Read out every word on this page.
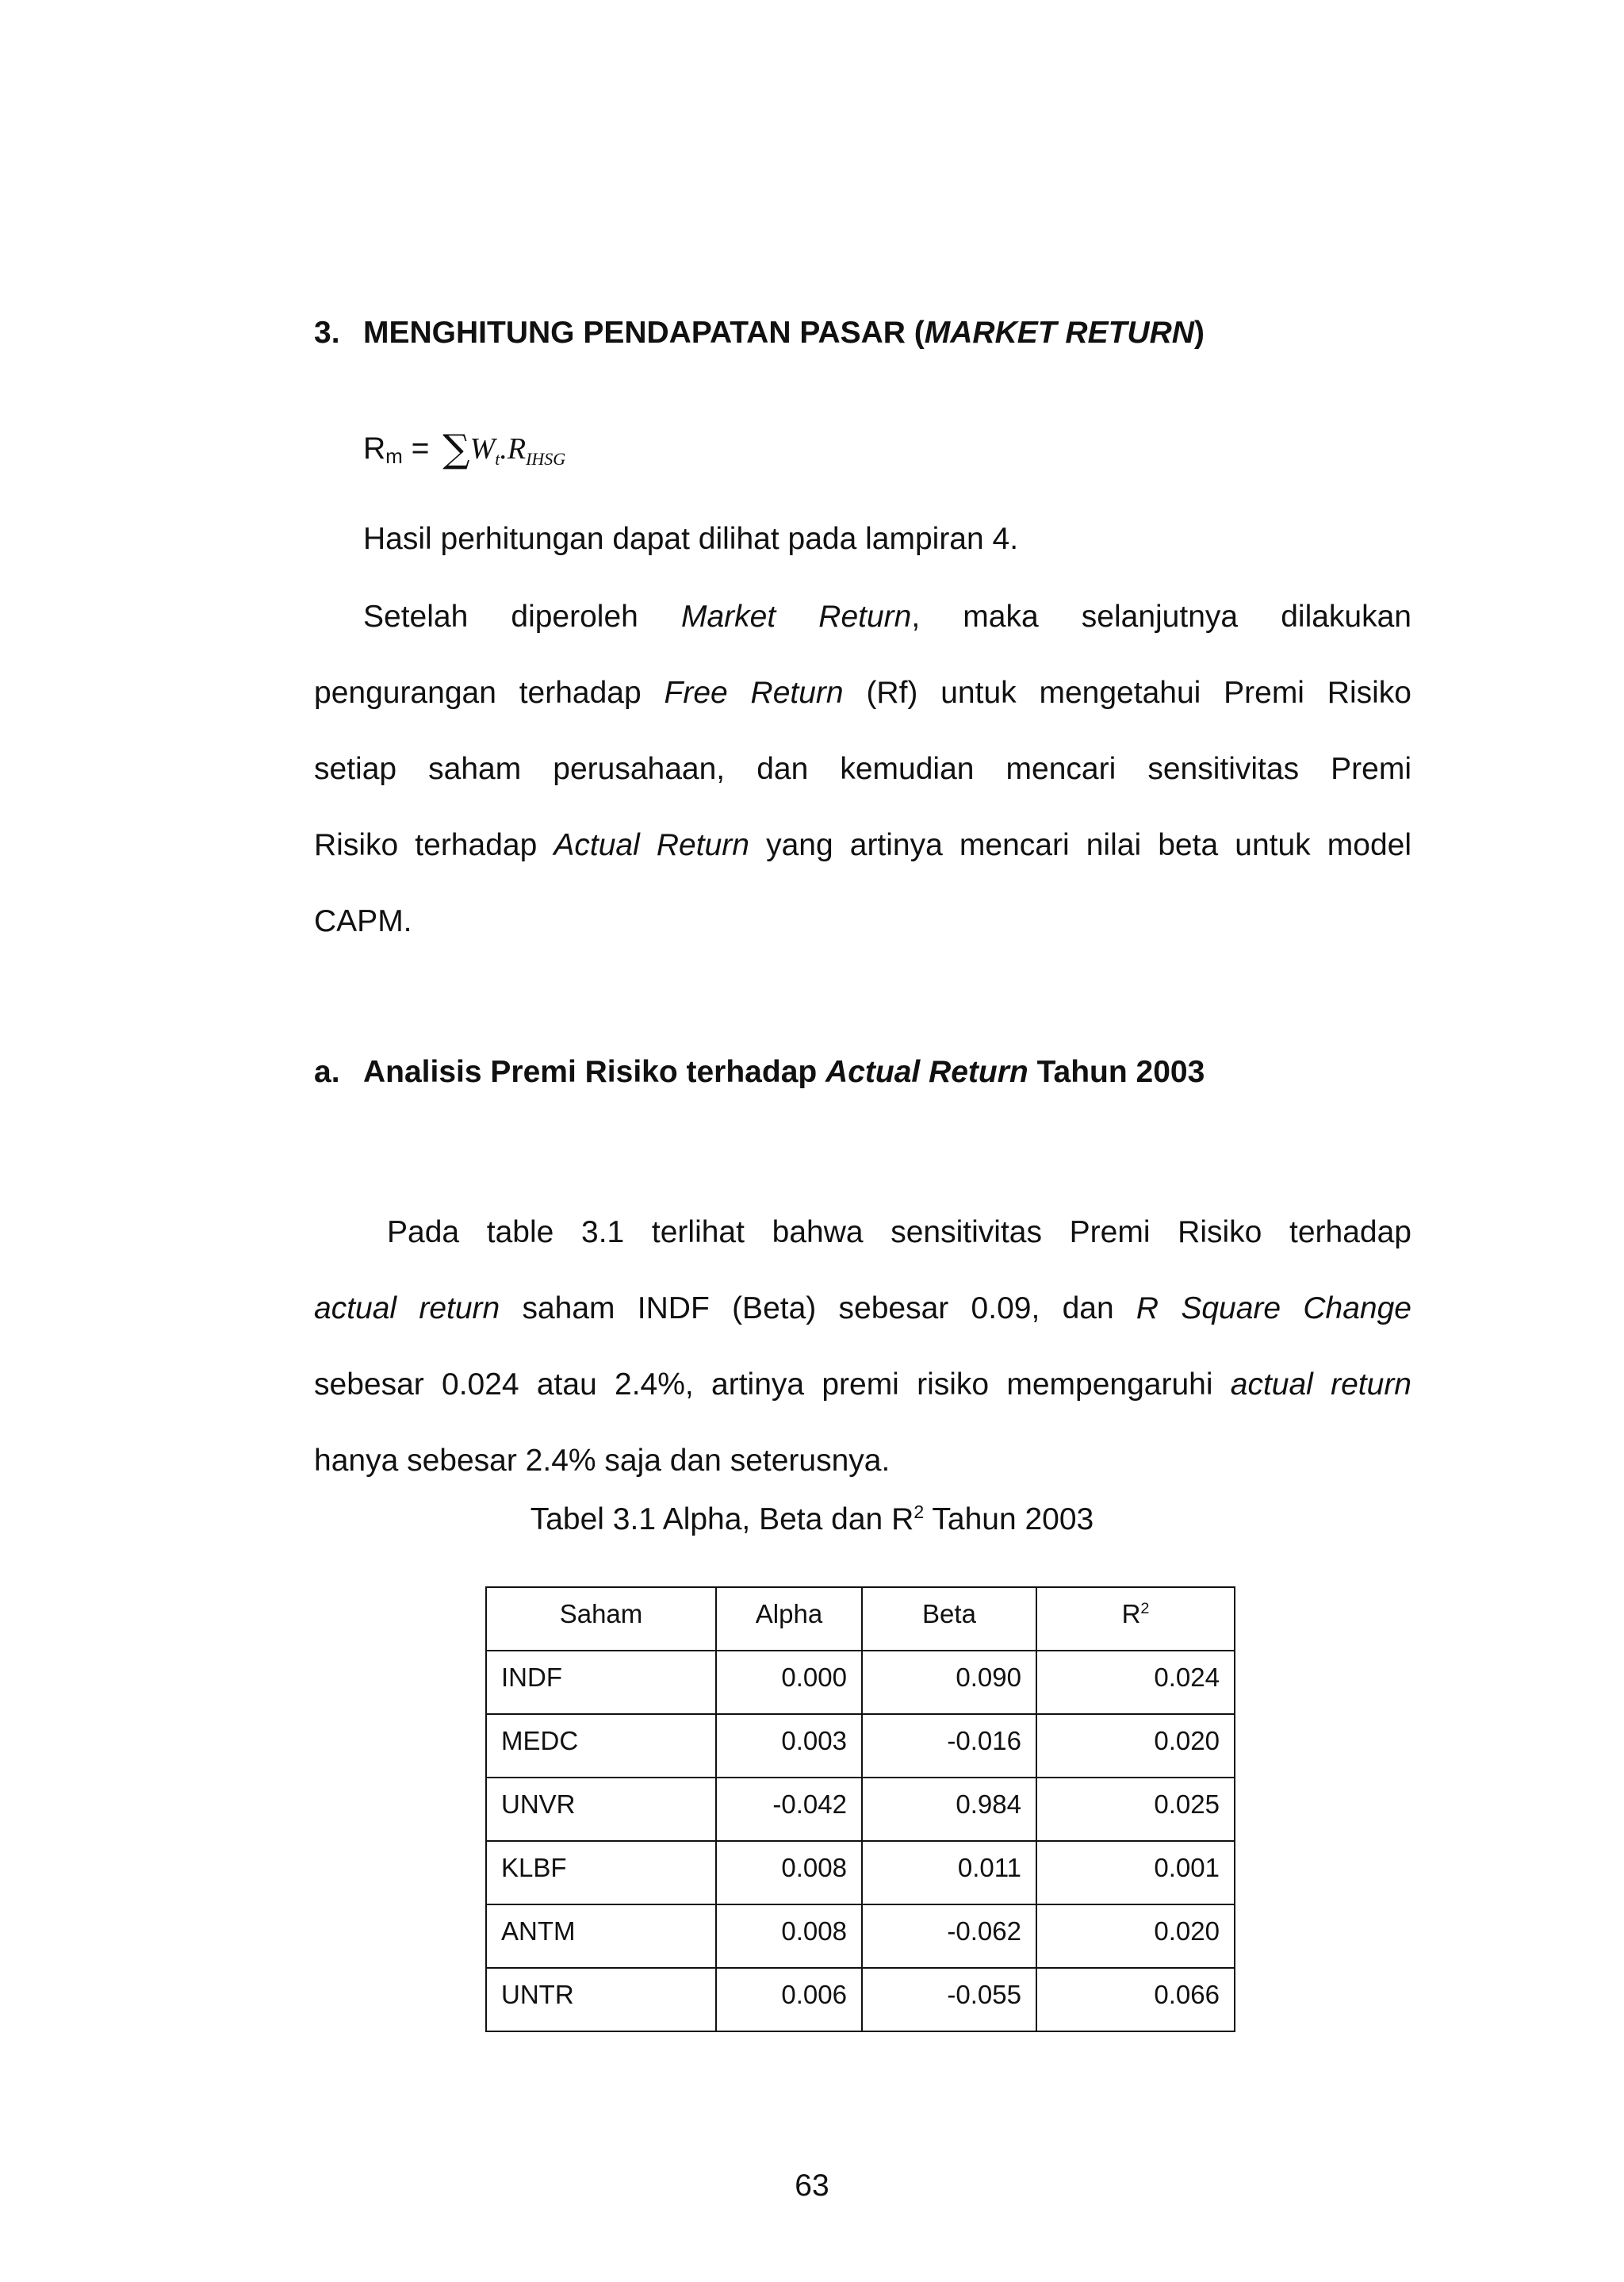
3. MENGHITUNG PENDAPATAN PASAR (MARKET RETURN)
$R_m = \sum W_t.R_{IHSG}$
Hasil perhitungan dapat dilihat pada lampiran 4.
Setelah diperoleh Market Return, maka selanjutnya dilakukan
pengurangan terhadap Free Return (Rf) untuk mengetahui Premi Risiko
setiap saham perusahaan, dan kemudian mencari sensitivitas Premi
Risiko terhadap Actual Return yang artinya mencari nilai beta untuk model
CAPM.
a. Analisis Premi Risiko terhadap Actual Return Tahun 2003
Pada table 3.1 terlihat bahwa sensitivitas Premi Risiko terhadap
actual return saham INDF (Beta) sebesar 0.09, dan R Square Change
sebesar 0.024 atau 2.4%, artinya premi risiko mempengaruhi actual return
hanya sebesar 2.4% saja dan seterusnya.
Tabel 3.1 Alpha, Beta dan $R^2$ Tahun 2003
Saham	Alpha	Beta	$R^2$
INDF	0.000	0.090	0.024
MEDC	0.003	-0.016	0.020
UNVR	-0.042	0.984	0.025
KLBF	0.008	0.011	0.001
ANTM	0.008	-0.062	0.020
UNTR	0.006	-0.055	0.066
63
